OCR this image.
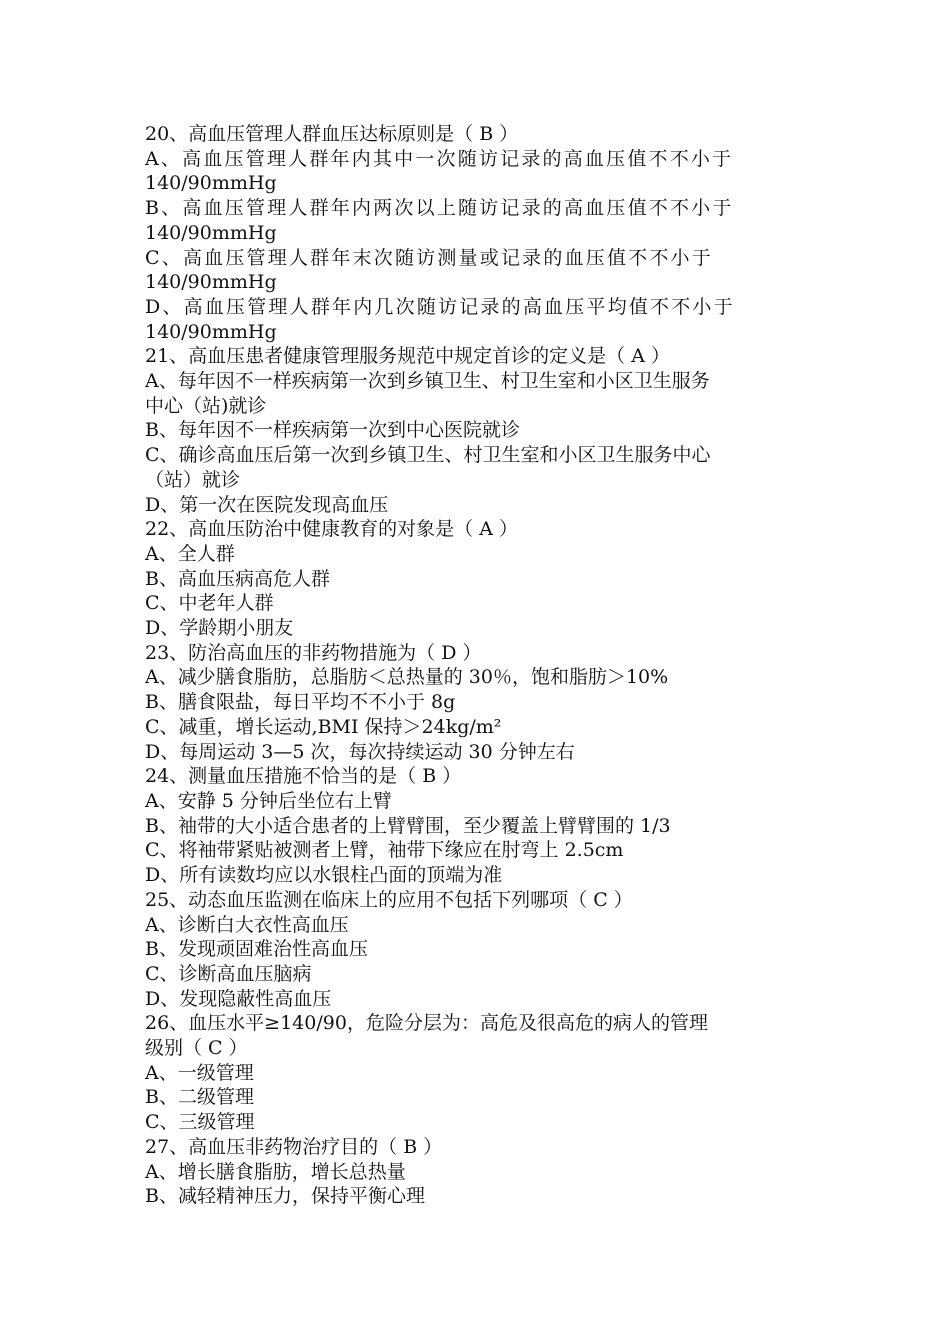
20、高血压管理人群血压达标原则是（ B ）
A、高血压管理人群年内其中一次随访记录的高血压值不不小于
140/90mmHg
B、高血压管理人群年内两次以上随访记录的高血压值不不小于
140/90mmHg
C、高血压管理人群年末次随访测量或记录的血压值不不小于
140/90mmHg
D、高血压管理人群年内几次随访记录的高血压平均值不不小于
140/90mmHg
21、高血压患者健康管理服务规范中规定首诊的定义是（ A ）
A、每年因不一样疾病第一次到乡镇卫生、村卫生室和小区卫生服务
中心（站)就诊
B、每年因不一样疾病第一次到中心医院就诊
C、确诊高血压后第一次到乡镇卫生、村卫生室和小区卫生服务中心
（站）就诊
D、第一次在医院发现高血压
22、高血压防治中健康教育的对象是（ A ）
A、全人群
B、高血压病高危人群
C、中老年人群
D、学龄期小朋友
23、防治高血压的非药物措施为（ D ）
A、减少膳食脂肪，总脂肪＜总热量的 30％，饱和脂肪＞10%
B、膳食限盐，每日平均不不小于 8g
C、减重，增长运动,BMI 保持＞24kg/m²
D、每周运动 3—5 次，每次持续运动 30 分钟左右
24、测量血压措施不恰当的是（ B ）
A、安静 5 分钟后坐位右上臂
B、袖带的大小适合患者的上臂臂围，至少覆盖上臂臂围的 1/3
C、将袖带紧贴被测者上臂，袖带下缘应在肘弯上 2.5cm
D、所有读数均应以水银柱凸面的顶端为准
25、动态血压监测在临床上的应用不包括下列哪项（ C ）
A、诊断白大衣性高血压
B、发现顽固难治性高血压
C、诊断高血压脑病
D、发现隐蔽性高血压
26、血压水平≥140/90，危险分层为：高危及很高危的病人的管理
级别（ C ）
A、一级管理
B、二级管理
C、三级管理
27、高血压非药物治疗目的（ B ）
A、增长膳食脂肪，增长总热量
B、减轻精神压力，保持平衡心理
